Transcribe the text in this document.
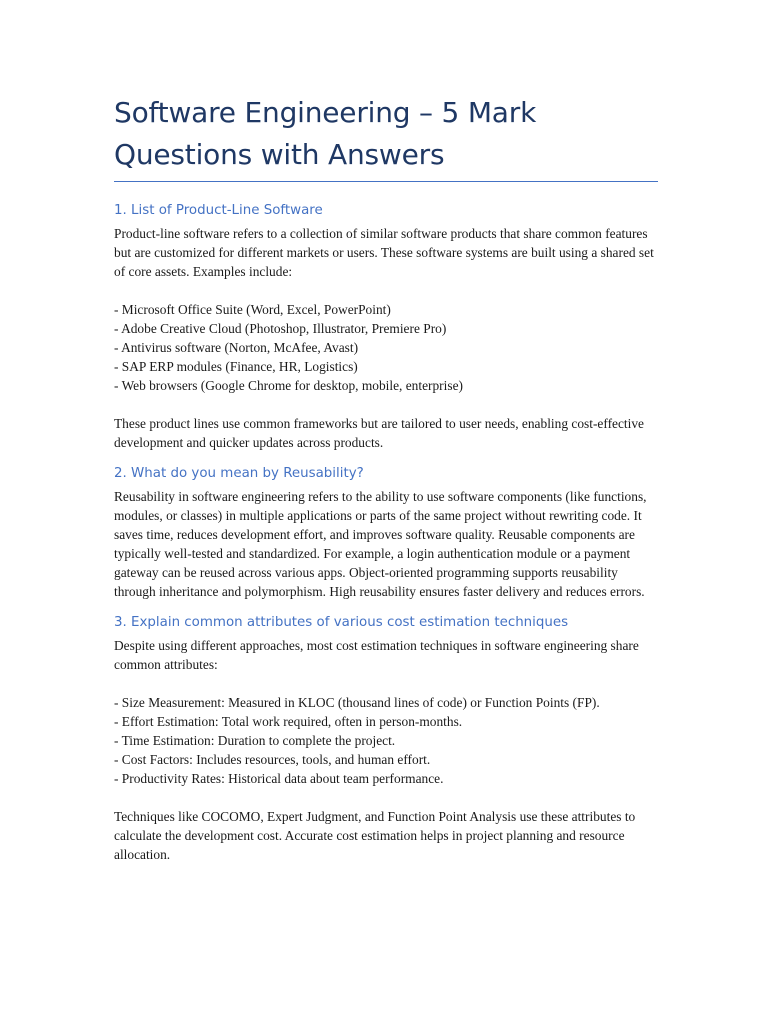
Software Engineering – 5 Mark Questions with Answers
1. List of Product-Line Software

Product-line software refers to a collection of similar software products that share common features but are customized for different markets or users. These software systems are built using a shared set of core assets. Examples include:

- Microsoft Office Suite (Word, Excel, PowerPoint)
- Adobe Creative Cloud (Photoshop, Illustrator, Premiere Pro)
- Antivirus software (Norton, McAfee, Avast)
- SAP ERP modules (Finance, HR, Logistics)
- Web browsers (Google Chrome for desktop, mobile, enterprise)

These product lines use common frameworks but are tailored to user needs, enabling cost-effective development and quicker updates across products.

2. What do you mean by Reusability?

Reusability in software engineering refers to the ability to use software components (like functions, modules, or classes) in multiple applications or parts of the same project without rewriting code. It saves time, reduces development effort, and improves software quality. Reusable components are typically well-tested and standardized. For example, a login authentication module or a payment gateway can be reused across various apps. Object-oriented programming supports reusability through inheritance and polymorphism. High reusability ensures faster delivery and reduces errors.

3. Explain common attributes of various cost estimation techniques

Despite using different approaches, most cost estimation techniques in software engineering share common attributes:

- Size Measurement: Measured in KLOC (thousand lines of code) or Function Points (FP).
- Effort Estimation: Total work required, often in person-months.
- Time Estimation: Duration to complete the project.
- Cost Factors: Includes resources, tools, and human effort.
- Productivity Rates: Historical data about team performance.

Techniques like COCOMO, Expert Judgment, and Function Point Analysis use these attributes to calculate the development cost. Accurate cost estimation helps in project planning and resource allocation.
